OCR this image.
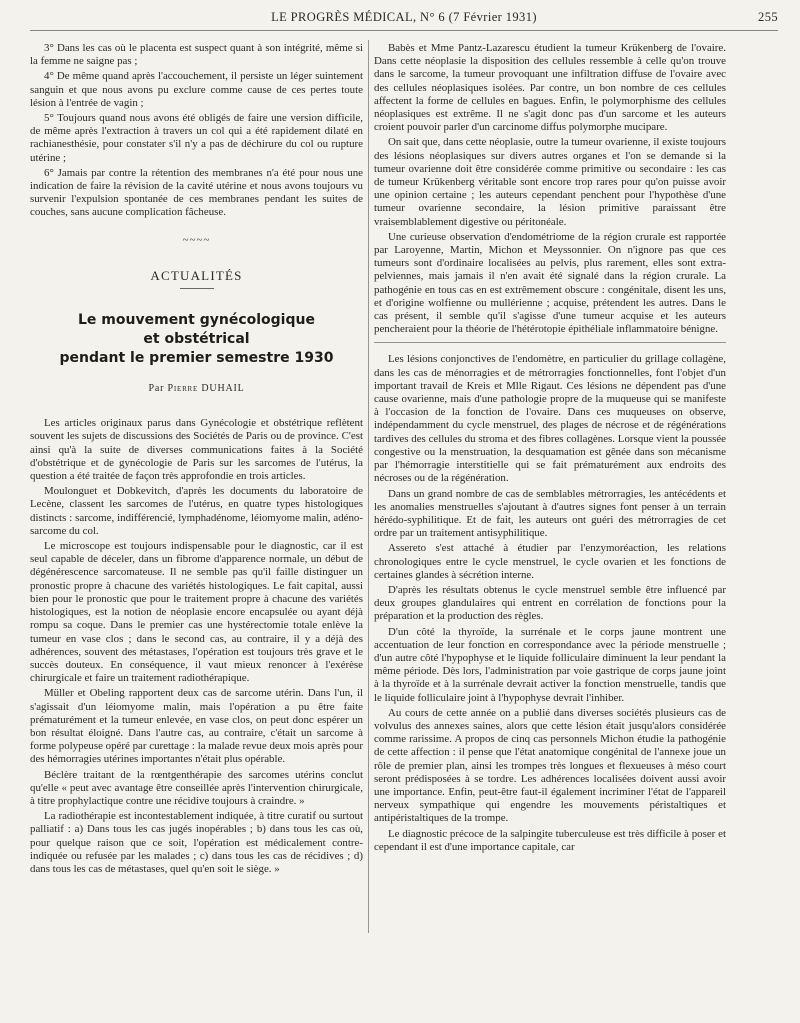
LE PROGRÈS MÉDICAL, N° 6 (7 Février 1931)	255

3° Dans les cas où le placenta est suspect quant à son intégrité, même si la femme ne saigne pas ;

4° De même quand après l'accouchement, il persiste un léger suintement sanguin et que nous avons pu exclure comme cause de ces pertes toute lésion à l'entrée de vagin ;

5° Toujours quand nous avons été obligés de faire une version difficile, de même après l'extraction à travers un col qui a été rapidement dilaté en rachianesthésie, pour constater s'il n'y a pas de déchirure du col ou rupture utérine ;

6° Jamais par contre la rétention des membranes n'a été pour nous une indication de faire la révision de la cavité utérine et nous avons toujours vu survenir l'expulsion spontanée de ces membranes pendant les suites de couches, sans aucune complication fâcheuse.

~~~~
ACTUALITÉS
Le mouvement gynécologique
et obstétrical
pendant le premier semestre 1930
Par Pierre DUHAIL

Les articles originaux parus dans Gynécologie et obstétrique reflètent souvent les sujets de discussions des Sociétés de Paris ou de province. C'est ainsi qu'à la suite de diverses communications faites à la Société d'obstétrique et de gynécologie de Paris sur les sarcomes de l'utérus, la question a été traitée de façon très approfondie en trois articles.

Moulonguet et Dobkevitch, d'après les documents du laboratoire de Lecène, classent les sarcomes de l'utérus, en quatre types histologiques distincts : sarcome, indifférencié, lymphadénome, léiomyome malin, adéno-sarcome du col.

Le microscope est toujours indispensable pour le diagnostic, car il est seul capable de déceler, dans un fibrome d'apparence normale, un début de dégénérescence sarcomateuse. Il ne semble pas qu'il faille distinguer un pronostic propre à chacune des variétés histologiques. Le fait capital, aussi bien pour le pronostic que pour le traitement propre à chacune des variétés histologiques, est la notion de néoplasie encore encapsulée ou ayant déjà rompu sa coque. Dans le premier cas une hystérectomie totale enlève la tumeur en vase clos ; dans le second cas, au contraire, il y a déjà des adhérences, souvent des métastases, l'opération est toujours très grave et le succès douteux. En conséquence, il vaut mieux renoncer à l'exérèse chirurgicale et faire un traitement radiothérapique.

Müller et Obeling rapportent deux cas de sarcome utérin. Dans l'un, il s'agissait d'un léiomyome malin, mais l'opération a pu être faite prématurément et la tumeur enlevée, en vase clos, on peut donc espérer un bon résultat éloigné. Dans l'autre cas, au contraire, c'était un sarcome à forme polypeuse opéré par curettage : la malade revue deux mois après pour des hémorragies utérines importantes n'était plus opérable.

Béclère traitant de la rœntgenthérapie des sarcomes utérins conclut qu'elle « peut avec avantage être conseillée après l'intervention chirurgicale, à titre prophylactique contre une récidive toujours à craindre. »

La radiothérapie est incontestablement indiquée, à titre curatif ou surtout palliatif : a) Dans tous les cas jugés inopérables ; b) dans tous les cas où, pour quelque raison que ce soit, l'opération est médicalement contre-indiquée ou refusée par les malades ; c) dans tous les cas de récidives ; d) dans tous les cas de métastases, quel qu'en soit le siège. »

Babès et Mme Pantz-Lazarescu étudient la tumeur Krükenberg de l'ovaire. Dans cette néoplasie la disposition des cellules ressemble à celle qu'on trouve dans le sarcome, la tumeur provoquant une infiltration diffuse de l'ovaire avec des cellules néoplasiques isolées. Par contre, un bon nombre de ces cellules affectent la forme de cellules en bagues. Enfin, le polymorphisme des cellules néoplasiques est extrême. Il ne s'agit donc pas d'un sarcome et les auteurs croient pouvoir parler d'un carcinome diffus polymorphe mucipare.

On sait que, dans cette néoplasie, outre la tumeur ovarienne, il existe toujours des lésions néoplasiques sur divers autres organes et l'on se demande si la tumeur ovarienne doit être considérée comme primitive ou secondaire : les cas de tumeur Krükenberg véritable sont encore trop rares pour qu'on puisse avoir une opinion certaine ; les auteurs cependant penchent pour l'hypothèse d'une tumeur ovarienne secondaire, la lésion primitive paraissant être vraisemblablement digestive ou péritonéale.

Une curieuse observation d'endométriome de la région crurale est rapportée par Laroyenne, Martin, Michon et Meyssonnier. On n'ignore pas que ces tumeurs sont d'ordinaire localisées au pelvis, plus rarement, elles sont extra-pelviennes, mais jamais il n'en avait été signalé dans la région crurale. La pathogénie en tous cas en est extrêmement obscure : congénitale, disent les uns, et d'origine wolfienne ou mullérienne ; acquise, prétendent les autres. Dans le cas présent, il semble qu'il s'agisse d'une tumeur acquise et les auteurs pencheraient pour la théorie de l'hétérotopie épithéliale inflammatoire bénigne.

Les lésions conjonctives de l'endomètre, en particulier du grillage collagène, dans les cas de ménorragies et de métrorragies fonctionnelles, font l'objet d'un important travail de Kreis et Mlle Rigaut. Ces lésions ne dépendent pas d'une cause ovarienne, mais d'une pathologie propre de la muqueuse qui se manifeste à l'occasion de la fonction de l'ovaire. Dans ces muqueuses on observe, indépendamment du cycle menstruel, des plages de nécrose et de régénérations tardives des cellules du stroma et des fibres collagènes. Lorsque vient la poussée congestive ou la menstruation, la desquamation est gênée dans son mécanisme par l'hémorragie interstitielle qui se fait prématurément aux endroits des nécroses ou de la régénération.

Dans un grand nombre de cas de semblables métrorragies, les antécédents et les anomalies menstruelles s'ajoutant à d'autres signes font penser à un terrain hérédo-syphilitique. Et de fait, les auteurs ont guéri des métrorragies de cet ordre par un traitement antisyphilitique.

Assereto s'est attaché à étudier par l'enzymoréaction, les relations chronologiques entre le cycle menstruel, le cycle ovarien et les fonctions de certaines glandes à sécrétion interne.

D'après les résultats obtenus le cycle menstruel semble être influencé par deux groupes glandulaires qui entrent en corrélation de fonctions pour la préparation et la production des règles.

D'un côté la thyroïde, la surrénale et le corps jaune montrent une accentuation de leur fonction en correspondance avec la période menstruelle ; d'un autre côté l'hypophyse et le liquide folliculaire diminuent la leur pendant la même période. Dès lors, l'administration par voie gastrique de corps jaune joint à la thyroïde et à la surrénale devrait activer la fonction menstruelle, tandis que le liquide folliculaire joint à l'hypophyse devrait l'inhiber.

Au cours de cette année on a publié dans diverses sociétés plusieurs cas de volvulus des annexes saines, alors que cette lésion était jusqu'alors considérée comme rarissime. A propos de cinq cas personnels Michon étudie la pathogénie de cette affection : il pense que l'état anatomique congénital de l'annexe joue un rôle de premier plan, ainsi les trompes très longues et flexueuses à méso court seront prédisposées à se tordre. Les adhérences localisées doivent aussi avoir une importance. Enfin, peut-être faut-il également incriminer l'état de l'appareil nerveux sympathique qui engendre les mouvements péristaltiques et antipéristaltiques de la trompe.

Le diagnostic précoce de la salpingite tuberculeuse est très difficile à poser et cependant il est d'une importance capitale, car
